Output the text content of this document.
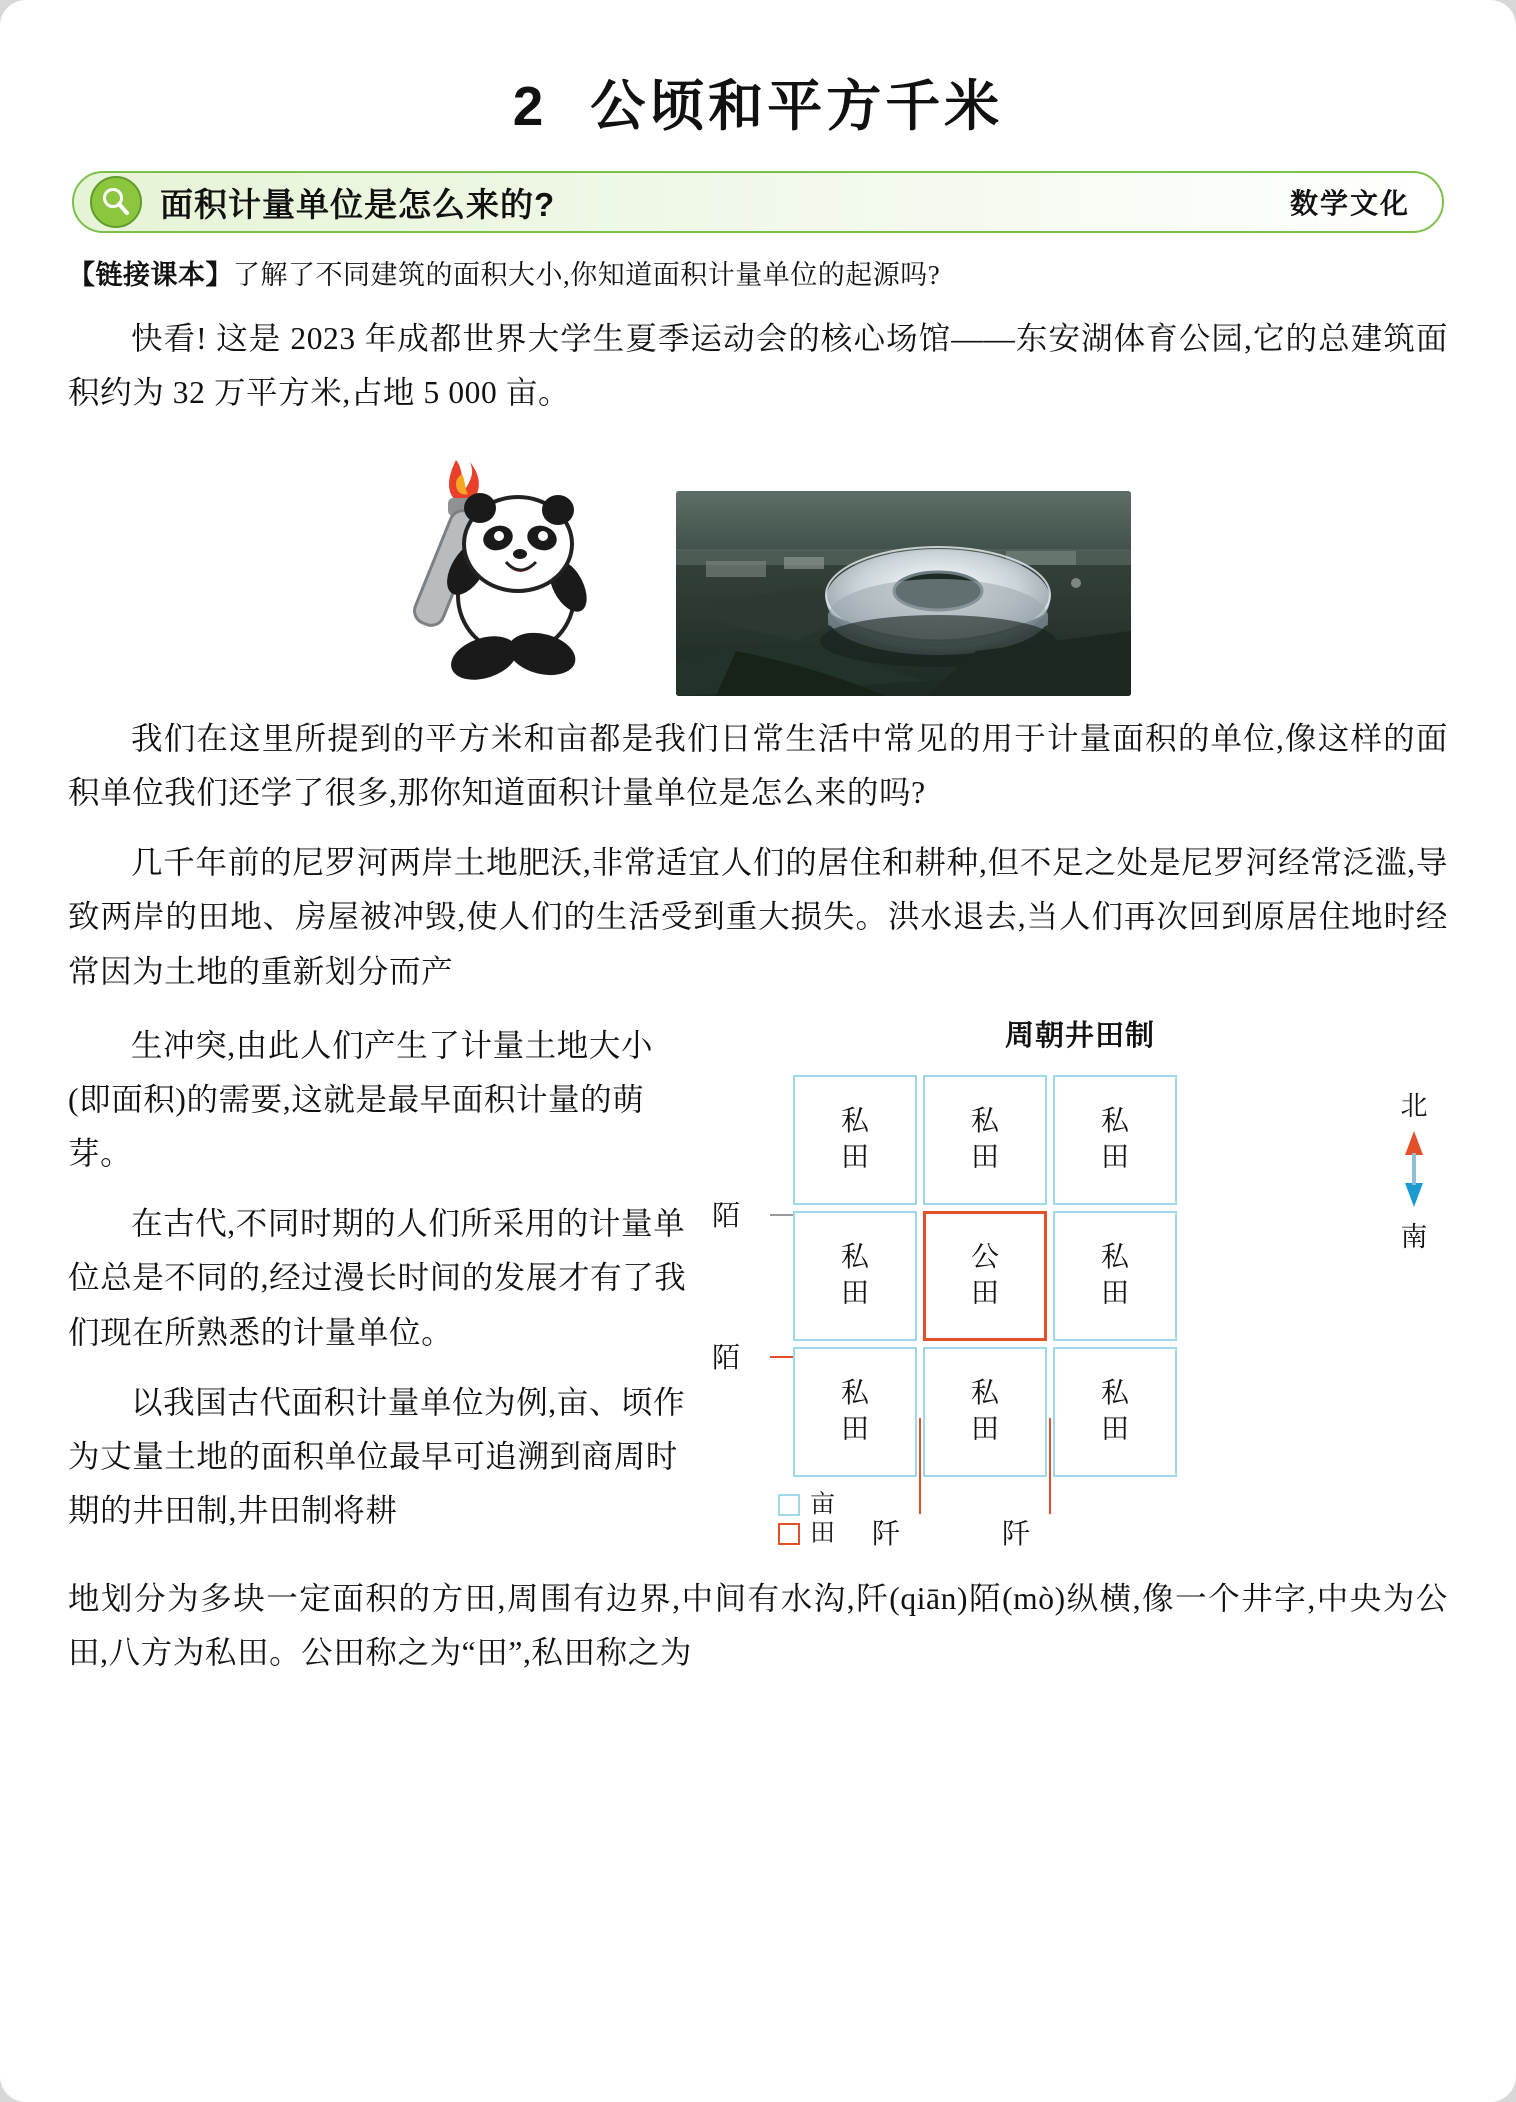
2 公顷和平方千米
面积计量单位是怎么来的?	数学文化
【链接课本】了解了不同建筑的面积大小,你知道面积计量单位的起源吗?

快看! 这是 2023 年成都世界大学生夏季运动会的核心场馆——东安湖体育公园,它的总建筑面积约为 32 万平方米,占地 5 000 亩。

我们在这里所提到的平方米和亩都是我们日常生活中常见的用于计量面积的单位,像这样的面积单位我们还学了很多,那你知道面积计量单位是怎么来的吗?

几千年前的尼罗河两岸土地肥沃,非常适宜人们的居住和耕种,但不足之处是尼罗河经常泛滥,导致两岸的田地、房屋被冲毁,使人们的生活受到重大损失。洪水退去,当人们再次回到原居住地时经常因为土地的重新划分而产

生冲突,由此人们产生了计量土地大小(即面积)的需要,这就是最早面积计量的萌芽。

在古代,不同时期的人们所采用的计量单位总是不同的,经过漫长时间的发展才有了我们现在所熟悉的计量单位。

以我国古代面积计量单位为例,亩、顷作为丈量土地的面积单位最早可追溯到商周时期的井田制,井田制将耕

周朝井田制
私
田
私
田
私
田
私
田
公
田
私
田
私
田
私
田
私
田
陌
陌
阡	阡
北
南
亩
田

地划分为多块一定面积的方田,周围有边界,中间有水沟,阡(qiān)陌(mò)纵横,像一个井字,中央为公田,八方为私田。公田称之为“田”,私田称之为
